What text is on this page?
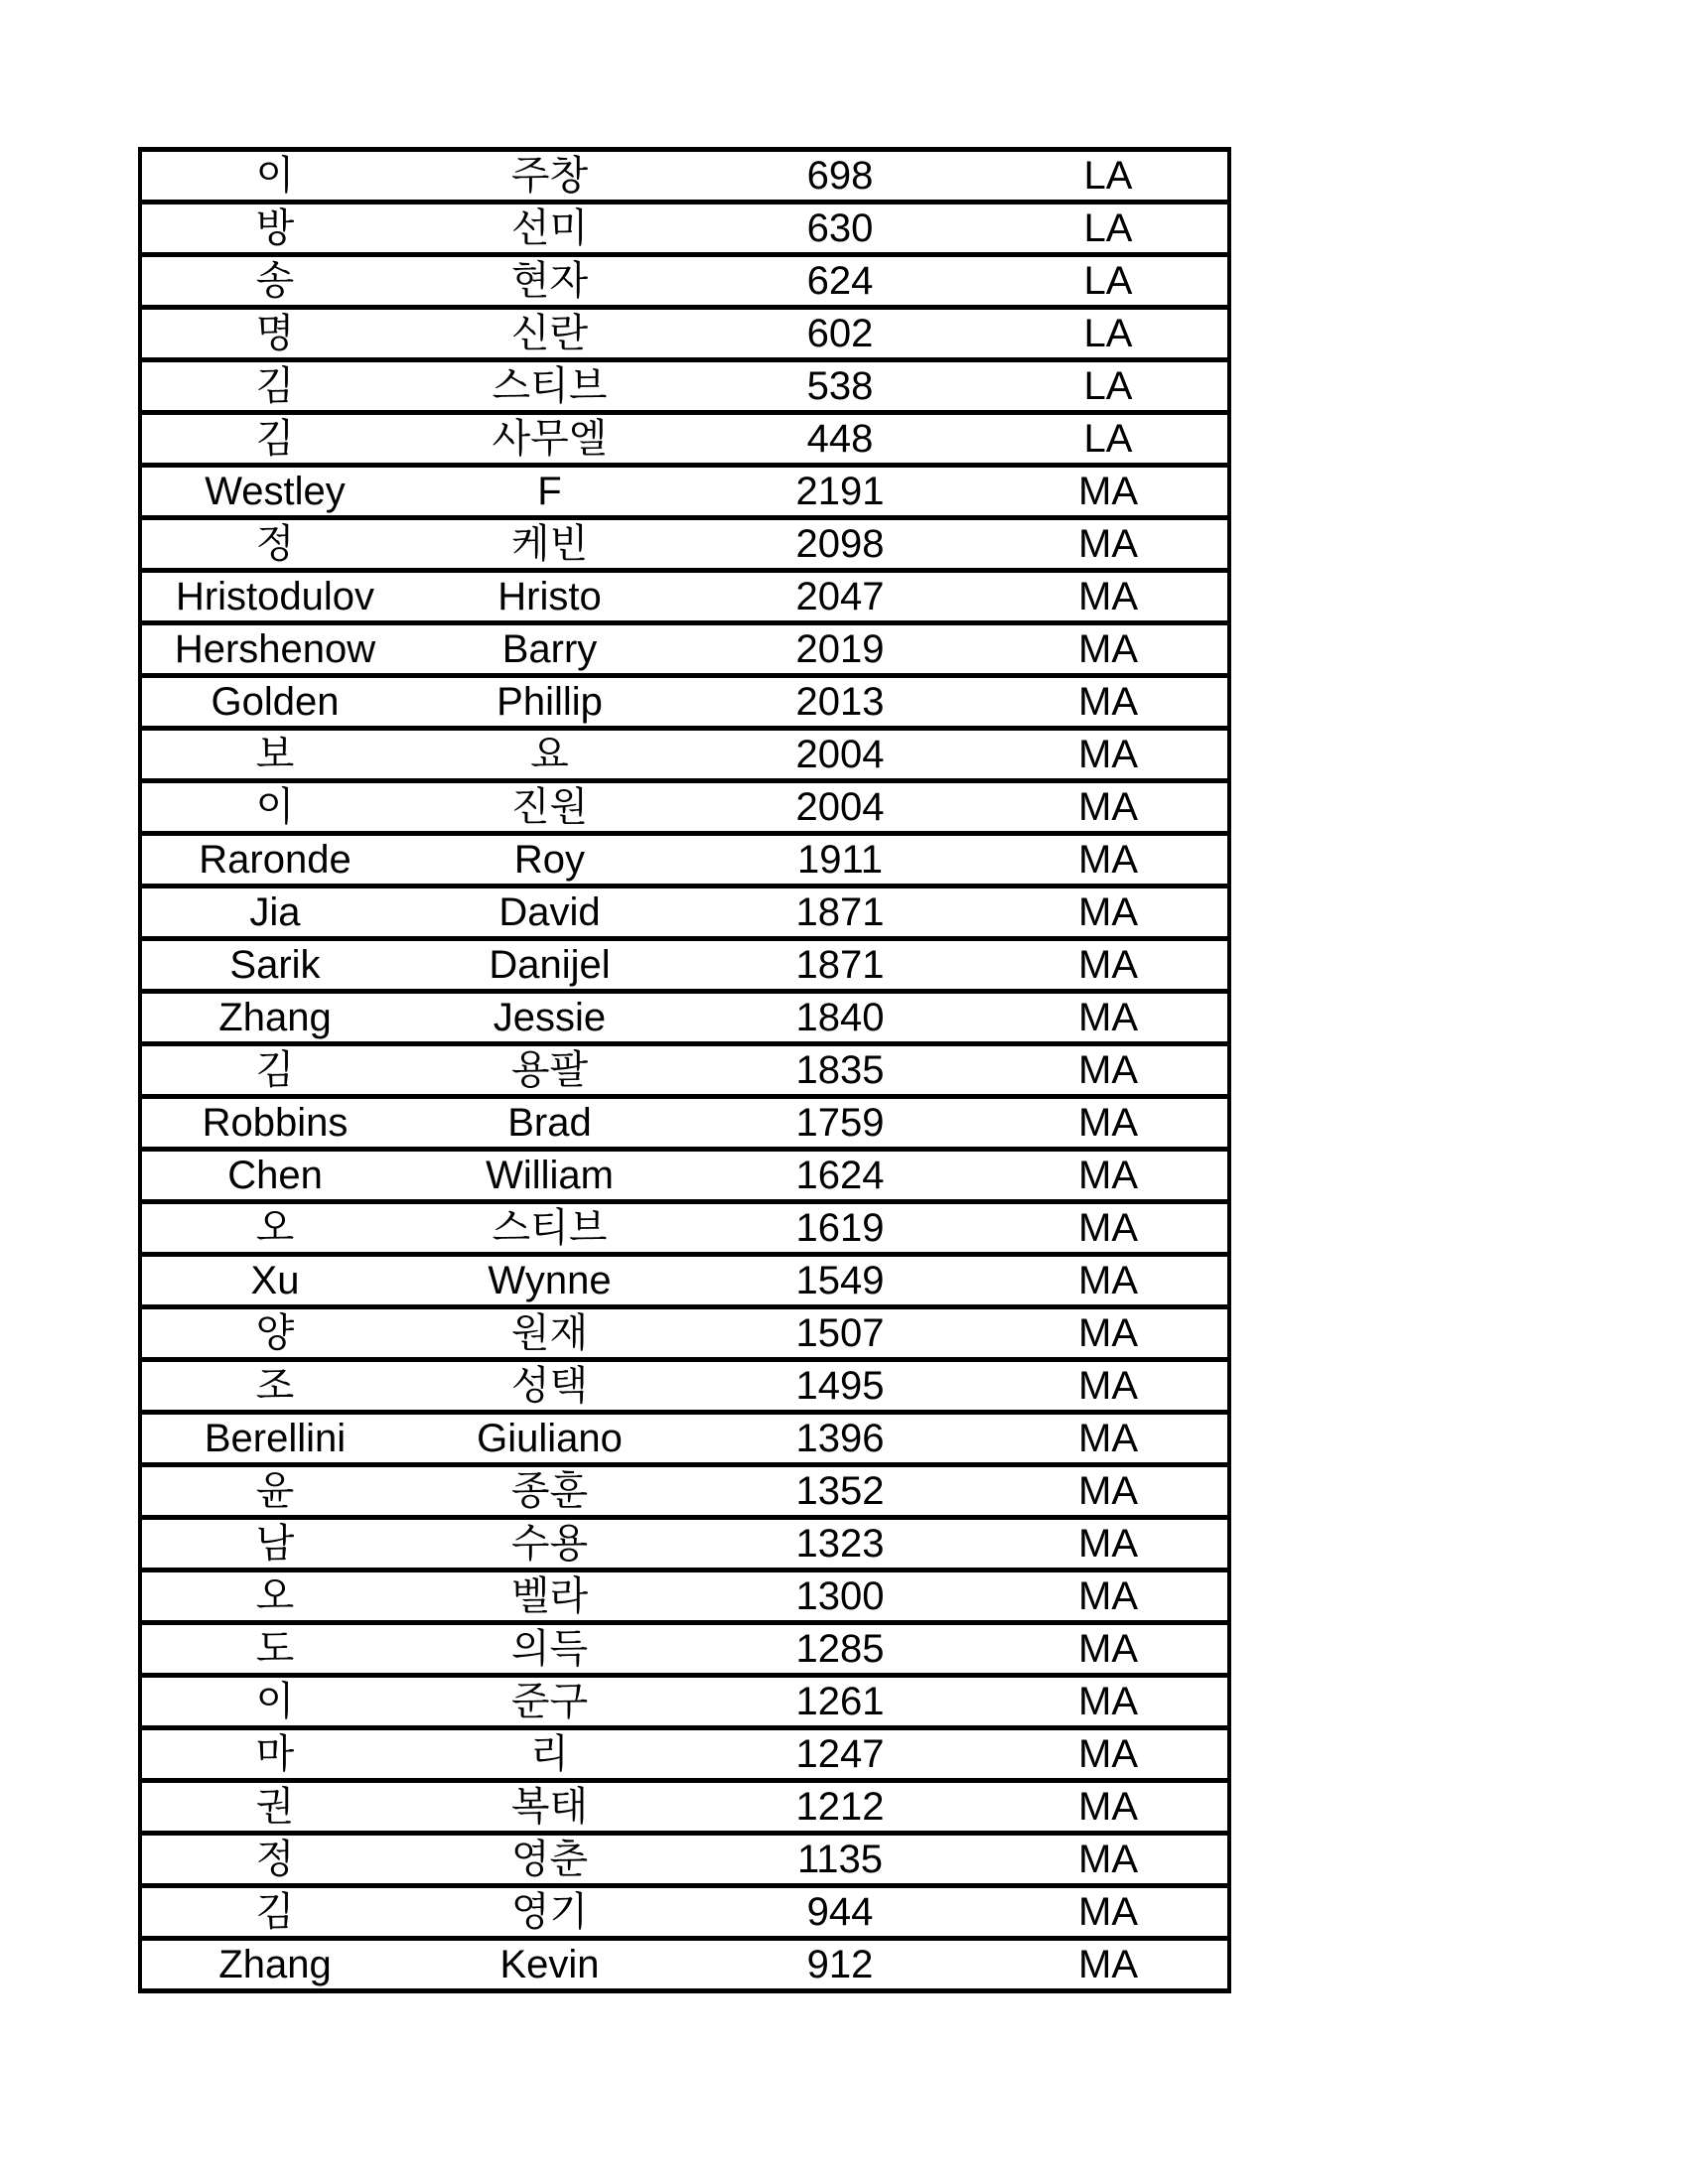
이	주창	698	LA
방	선미	630	LA
송	현자	624	LA
명	신란	602	LA
김	스티브	538	LA
김	사무엘	448	LA
Westley	F	2191	MA
정	케빈	2098	MA
Hristodulov	Hristo	2047	MA
Hershenow	Barry	2019	MA
Golden	Phillip	2013	MA
보	요	2004	MA
이	진원	2004	MA
Raronde	Roy	1911	MA
Jia	David	1871	MA
Sarik	Danijel	1871	MA
Zhang	Jessie	1840	MA
김	용팔	1835	MA
Robbins	Brad	1759	MA
Chen	William	1624	MA
오	스티브	1619	MA
Xu	Wynne	1549	MA
양	원재	1507	MA
조	성택	1495	MA
Berellini	Giuliano	1396	MA
윤	종훈	1352	MA
남	수용	1323	MA
오	벨라	1300	MA
도	의득	1285	MA
이	준구	1261	MA
마	리	1247	MA
권	복태	1212	MA
정	영춘	1135	MA
김	영기	944	MA
Zhang	Kevin	912	MA
